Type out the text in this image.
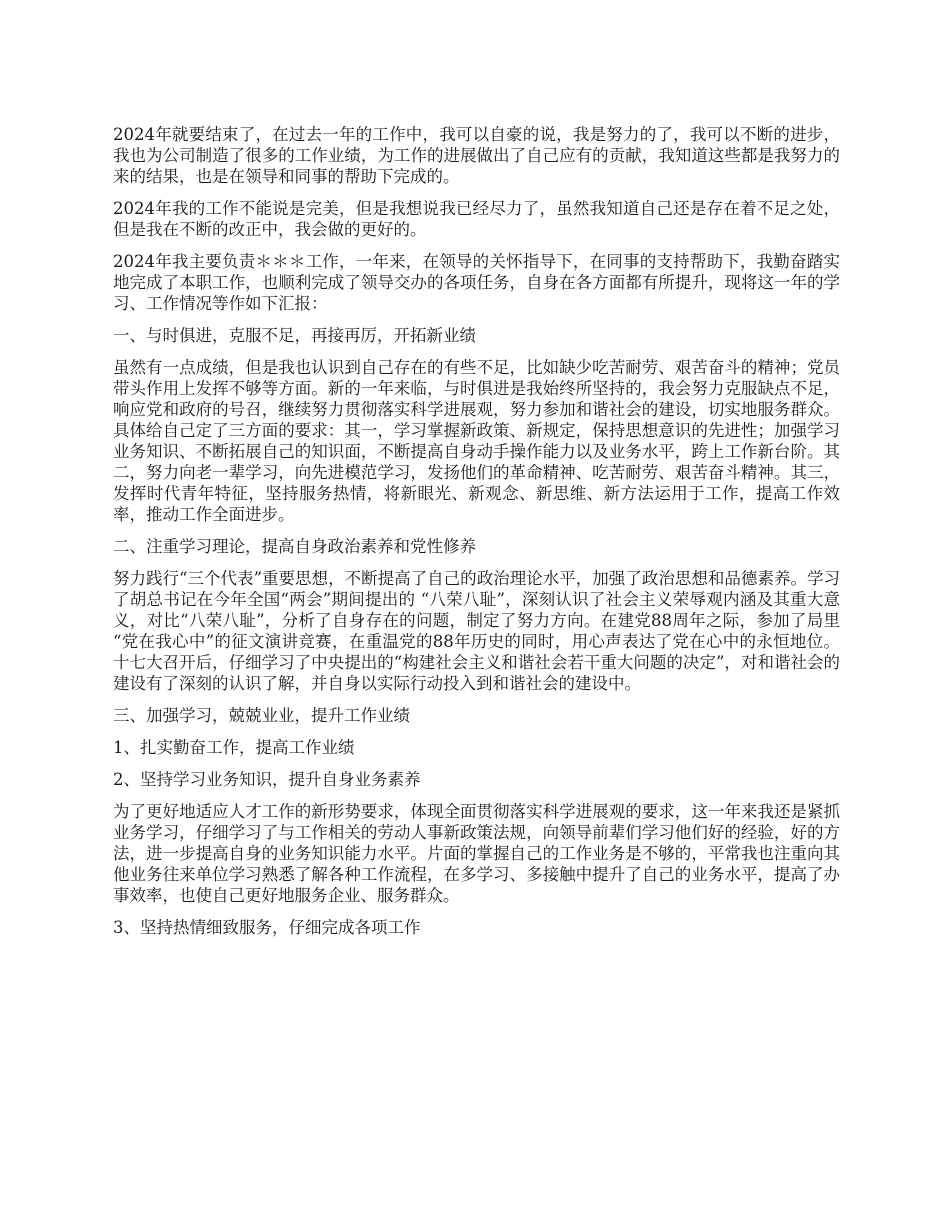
2024年就要结束了，在过去一年的工作中，我可以自豪的说，我是努力的了，我可以不断的进步，我也为公司制造了很多的工作业绩，为工作的进展做出了自己应有的贡献，我知道这些都是我努力的来的结果，也是在领导和同事的帮助下完成的。

2024年我的工作不能说是完美，但是我想说我已经尽力了，虽然我知道自己还是存在着不足之处，但是我在不断的改正中，我会做的更好的。

2024年我主要负责＊＊＊工作，一年来，在领导的关怀指导下，在同事的支持帮助下，我勤奋踏实地完成了本职工作，也顺利完成了领导交办的各项任务，自身在各方面都有所提升，现将这一年的学习、工作情况等作如下汇报：

一、与时俱进，克服不足，再接再厉，开拓新业绩

虽然有一点成绩，但是我也认识到自己存在的有些不足，比如缺少吃苦耐劳、艰苦奋斗的精神；党员带头作用上发挥不够等方面。新的一年来临，与时俱进是我始终所坚持的，我会努力克服缺点不足，响应党和政府的号召，继续努力贯彻落实科学进展观，努力参加和谐社会的建设，切实地服务群众。具体给自己定了三方面的要求：其一，学习掌握新政策、新规定，保持思想意识的先进性；加强学习业务知识、不断拓展自己的知识面，不断提高自身动手操作能力以及业务水平，跨上工作新台阶。其二，努力向老一辈学习，向先进模范学习，发扬他们的革命精神、吃苦耐劳、艰苦奋斗精神。其三，发挥时代青年特征，坚持服务热情，将新眼光、新观念、新思维、新方法运用于工作，提高工作效率，推动工作全面进步。

二、注重学习理论，提高自身政治素养和党性修养

努力践行“三个代表”重要思想，不断提高了自己的政治理论水平，加强了政治思想和品德素养。学习了胡总书记在今年全国“两会”期间提出的 “八荣八耻”，深刻认识了社会主义荣辱观内涵及其重大意义，对比“八荣八耻”，分析了自身存在的问题，制定了努力方向。在建党88周年之际，参加了局里 “党在我心中”的征文演讲竞赛，在重温党的88年历史的同时，用心声表达了党在心中的永恒地位。十七大召开后，仔细学习了中央提出的“构建社会主义和谐社会若干重大问题的决定”，对和谐社会的建设有了深刻的认识了解，并自身以实际行动投入到和谐社会的建设中。

三、加强学习，兢兢业业，提升工作业绩

1、扎实勤奋工作，提高工作业绩

2、坚持学习业务知识，提升自身业务素养

为了更好地适应人才工作的新形势要求，体现全面贯彻落实科学进展观的要求，这一年来我还是紧抓业务学习，仔细学习了与工作相关的劳动人事新政策法规，向领导前辈们学习他们好的经验，好的方法，进一步提高自身的业务知识能力水平。片面的掌握自己的工作业务是不够的，平常我也注重向其他业务往来单位学习熟悉了解各种工作流程，在多学习、多接触中提升了自己的业务水平，提高了办事效率，也使自己更好地服务企业、服务群众。

3、坚持热情细致服务，仔细完成各项工作
